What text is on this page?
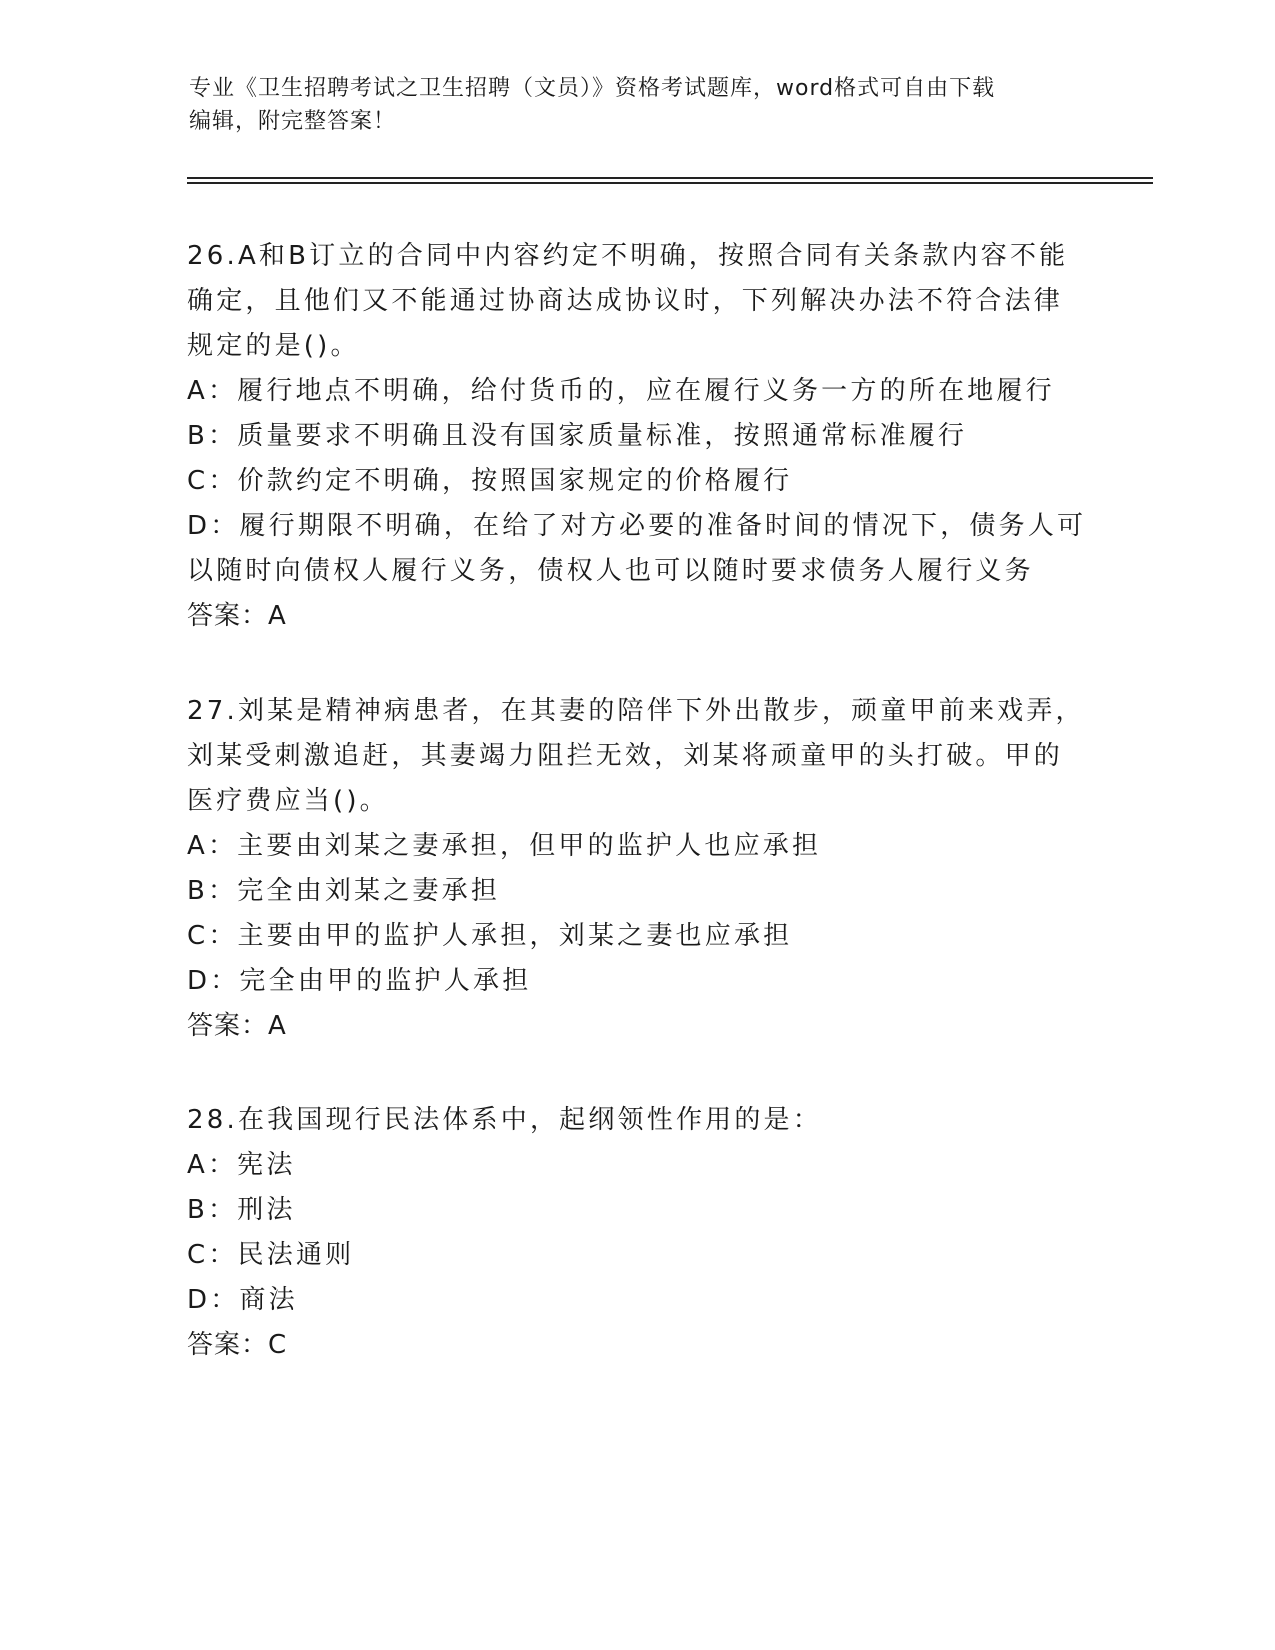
专业《卫生招聘考试之卫生招聘（文员）》资格考试题库，word格式可自由下载
编辑，附完整答案！

26.A和B订立的合同中内容约定不明确，按照合同有关条款内容不能确定，且他们又不能通过协商达成协议时，下列解决办法不符合法律规定的是()。

A：履行地点不明确，给付货币的，应在履行义务一方的所在地履行

B：质量要求不明确且没有国家质量标准，按照通常标准履行

C：价款约定不明确，按照国家规定的价格履行

D：履行期限不明确，在给了对方必要的准备时间的情况下，债务人可以随时向债权人履行义务，债权人也可以随时要求债务人履行义务

答案：A

27.刘某是精神病患者，在其妻的陪伴下外出散步，顽童甲前来戏弄，刘某受刺激追赶，其妻竭力阻拦无效，刘某将顽童甲的头打破。甲的医疗费应当()。

A：主要由刘某之妻承担，但甲的监护人也应承担

B：完全由刘某之妻承担

C：主要由甲的监护人承担，刘某之妻也应承担

D：完全由甲的监护人承担

答案：A

28.在我国现行民法体系中，起纲领性作用的是：

A：宪法

B：刑法

C：民法通则

D：商法

答案：C
